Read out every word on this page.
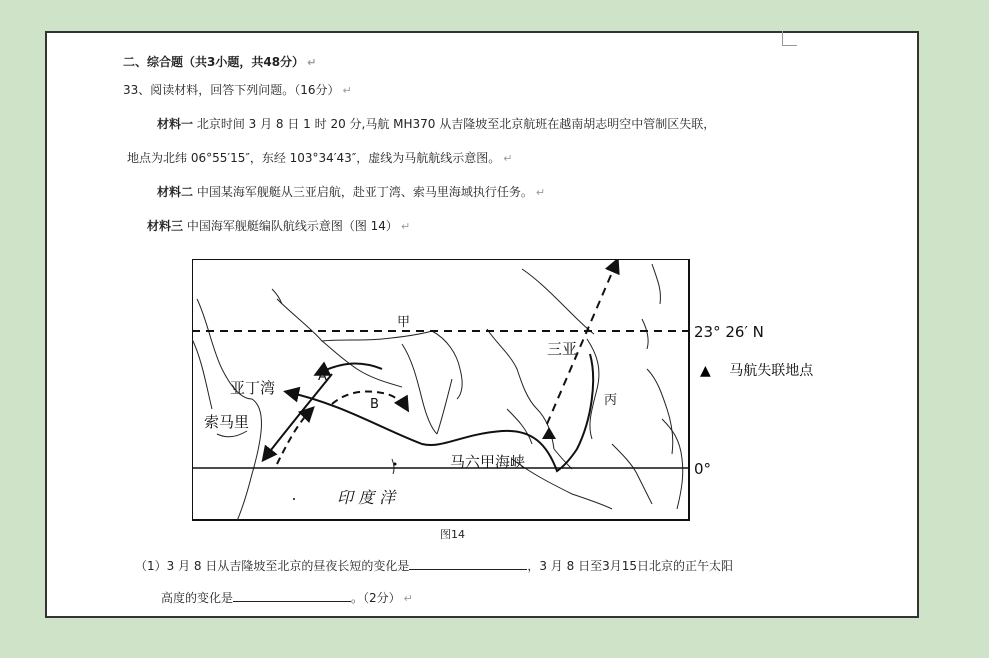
二、综合题（共3小题，共48分） ↵
33、阅读材料，回答下列问题。（16分） ↵
材料一 北京时间 3 月 8 日 1 时 20 分,马航 MH370 从吉隆坡至北京航班在越南胡志明空中管制区失联，
地点为北纬 06°55′15″，东经 103°34′43″，虚线为马航航线示意图。 ↵
材料二 中国某海军舰艇从三亚启航，赴亚丁湾、索马里海域执行任务。 ↵
材料三 中国海军舰艇编队航线示意图（图 14） ↵
（1）3 月 8 日从吉隆坡至北京的昼夜长短的变化是	，3 月 8 日至3月15日北京的正午太阳
高度的变化是	。（2分） ↵
甲
三亚
丙
亚丁湾
索马里
马六甲海峡
印 度 洋
A
B
23° 26′ N
0°
▲ 马航失联地点
图14
